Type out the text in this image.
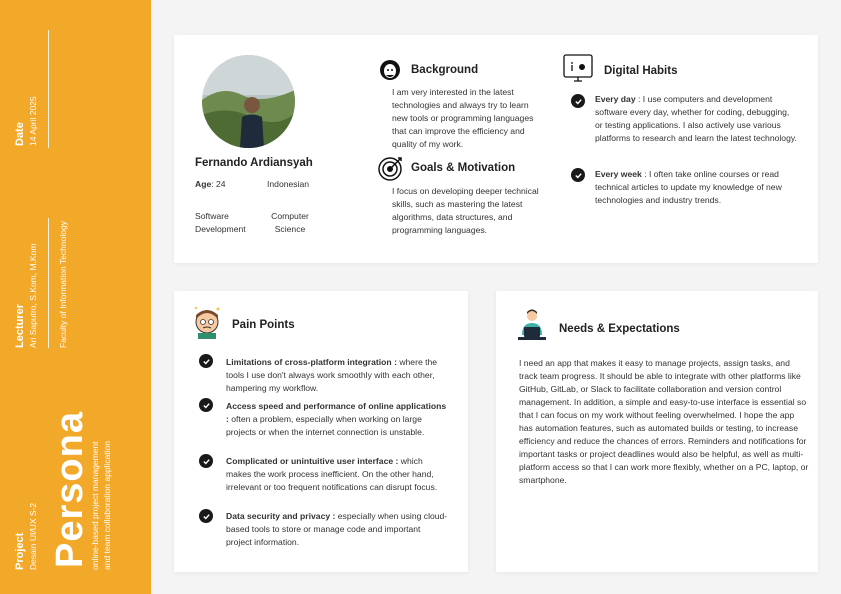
Date 14 April 2025
Lecturer Ari Saputro, S.Kom, M.Kom Faculty of Information Technology
Project Desain UI/UX S-2 Persona online-based project management and team collaboration application
Fernando Ardiansyah
Age: 24	Indonesian
Software Development
Computer Science
Background
I am very interested in the latest technologies and always try to learn new tools or programming languages that can improve the efficiency and quality of my work.
Goals & Motivation
I focus on developing deeper technical skills, such as mastering the latest algorithms, data structures, and programming languages.
Digital Habits
Every day : I use computers and development software every day, whether for coding, debugging, or testing applications. I also actively use various platforms to research and learn the latest technology.
Every week : I often take online courses or read technical articles to update my knowledge of new technologies and industry trends.
Pain Points
Limitations of cross-platform integration : where the tools I use don't always work smoothly with each other, hampering my workflow.
Access speed and performance of online applications : often a problem, especially when working on large projects or when the internet connection is unstable.
Complicated or unintuitive user interface : which makes the work process inefficient. On the other hand, irrelevant or too frequent notifications can disrupt focus.
Data security and privacy : especially when using cloud-based tools to store or manage code and important project information.
Needs & Expectations
I need an app that makes it easy to manage projects, assign tasks, and track team progress. It should be able to integrate with other platforms like GitHub, GitLab, or Slack to facilitate collaboration and version control management. In addition, a simple and easy-to-use interface is essential so that I can focus on my work without feeling overwhelmed. I hope the app has automation features, such as automated builds or testing, to increase efficiency and reduce the chances of errors. Reminders and notifications for important tasks or project deadlines would also be helpful, as well as multi-platform access so that I can work more flexibly, whether on a PC, laptop, or smartphone.
